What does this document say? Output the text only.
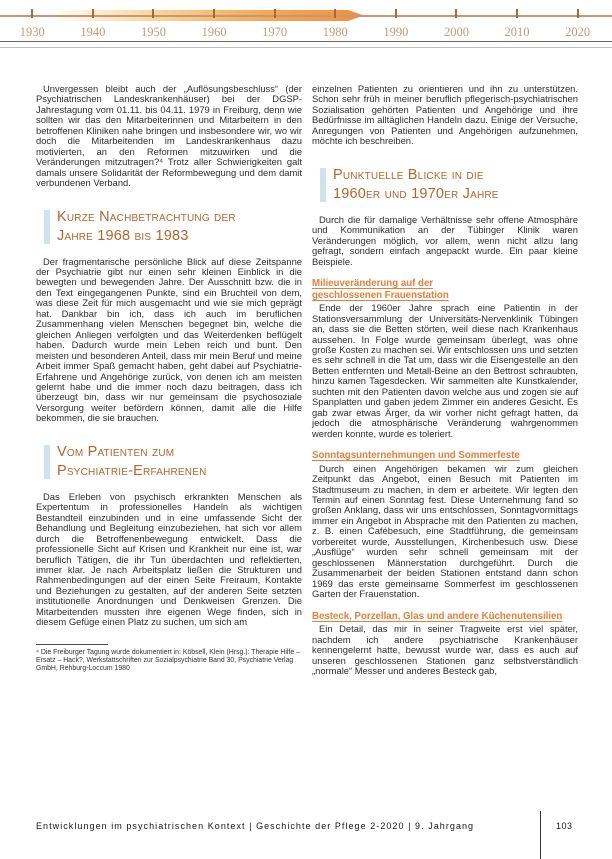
1930	1940	1950	1960	1970	1980	1990	2000	2010	2020

Unvergessen bleibt auch der „Auflösungsbeschluss“ (der Psychiatrischen Landeskrankenhäuser) bei der DGSP-Jahrestagung vom 01.11. bis 04.11. 1979 in Freiburg, denn wie sollten wir das den Mitarbeiterinnen und Mitarbeitern in den betroffenen Kliniken nahe bringen und insbesondere wir, wo wir doch die Mitarbeitenden im Landeskrankenhaus dazu motivierten, an den Reformen mitzuwirken und die Veränderungen mitzutragen?⁴ Trotz aller Schwierigkeiten galt damals unsere Solidarität der Reformbewegung und dem damit verbundenen Verband.

Kurze Nachbetrachtung der
Jahre 1968 bis 1983

Der fragmentarische persönliche Blick auf diese Zeitspanne der Psychiatrie gibt nur einen sehr kleinen Einblick in die bewegten und bewegenden Jahre. Der Ausschnitt bzw. die in den Text eingegangenen Punkte, sind ein Bruchteil von dem, was diese Zeit für mich ausgemacht und wie sie mich geprägt hat. Dankbar bin ich, dass ich auch im beruflichen Zusammenhang vielen Menschen begegnet bin, welche die gleichen Anliegen verfolgten und das Weiterdenken beflügelt haben. Dadurch wurde mein Leben reich und bunt. Den meisten und besonderen Anteil, dass mir mein Beruf und meine Arbeit immer Spaß gemacht haben, geht dabei auf Psychiatrie-Erfahrene und Angehörige zurück, von denen ich am meisten gelernt habe und die immer noch dazu beitragen, dass ich überzeugt bin, dass wir nur gemeinsam die psychosoziale Versorgung weiter befördern können, damit alle die Hilfe bekommen, die sie brauchen.

Vom Patienten zum
Psychiatrie-Erfahrenen

Das Erleben von psychisch erkrankten Menschen als Expertentum in professionelles Handeln als wichtigen Bestandteil einzubinden und in eine umfassende Sicht der Behandlung und Begleitung einzubeziehen, hat sich vor allem durch die Betroffenenbewegung entwickelt. Dass die professionelle Sicht auf Krisen und Krankheit nur eine ist, war beruflich Tätigen, die ihr Tun überdachten und reflektierten, immer klar. Je nach Arbeitsplatz ließen die Strukturen und Rahmenbedingungen auf der einen Seite Freiraum, Kontakte und Beziehungen zu gestalten, auf der anderen Seite setzten institutionelle Anordnungen und Denkweisen Grenzen. Die Mitarbeitenden mussten ihre eigenen Wege finden, sich in diesem Gefüge einen Platz zu suchen, um sich am

⁴ Die Freiburger Tagung wurde dokumentiert in: Köbsell, Klein (Hrsg.): Therapie Hilfe – Ersatz – Hack?, Werkstattschriften zur Sozialpsychiatrie Band 30, Psychiatrie Verlag GmbH, Rehburg-Loccum 1980

einzelnen Patienten zu orientieren und ihn zu unterstützen. Schon sehr früh in meiner beruflich pflegerisch-psychiatrischen Sozialisation gehörten Patienten und Angehörige und ihre Bedürfnisse im alltäglichen Handeln dazu. Einige der Versuche, Anregungen von Patienten und Angehörigen aufzunehmen, möchte ich beschreiben.

Punktuelle Blicke in die
1960er und 1970er Jahre

Durch die für damalige Verhältnisse sehr offene Atmosphäre und Kommunikation an der Tübinger Klinik waren Veränderungen möglich, vor allem, wenn nicht allzu lang gefragt, sondern einfach angepackt wurde. Ein paar kleine Beispiele.

Milieuveränderung auf der
geschlossenen Frauenstation

Ende der 1960er Jahre sprach eine Patientin in der Stationsversammlung der Universitäts-Nervenklinik Tübingen an, dass sie die Betten störten, weil diese nach Krankenhaus aussehen. In Folge wurde gemeinsam überlegt, was ohne große Kosten zu machen sei. Wir entschlossen uns und setzten es sehr schnell in die Tat um, dass wir die Eisengestelle an den Betten entfernten und Metall-Beine an den Bettrost schraubten, hinzu kamen Tagesdecken. Wir sammelten alte Kunstkalender, suchten mit den Patienten davon welche aus und zogen sie auf Spanplatten und gaben jedem Zimmer ein anderes Gesicht. Es gab zwar etwas Ärger, da wir vorher nicht gefragt hatten, da jedoch die atmosphärische Veränderung wahrgenommen werden konnte, wurde es toleriert.

Sonntagsunternehmungen und Sommerfeste

Durch einen Angehörigen bekamen wir zum gleichen Zeitpunkt das Angebot, einen Besuch mit Patienten im Stadtmuseum zu machen, in dem er arbeitete. Wir legten den Termin auf einen Sonntag fest. Diese Unternehmung fand so großen Anklang, dass wir uns entschlossen, Sonntagvormittags immer ein Angebot in Absprache mit den Patienten zu machen, z. B. einen Cafébesuch, eine Stadtführung, die gemeinsam vorbereitet wurde, Ausstellungen, Kirchenbesuch usw. Diese „Ausflüge“ wurden sehr schnell gemeinsam mit der geschlossenen Männerstation durchgeführt. Durch die Zusammenarbeit der beiden Stationen entstand dann schon 1969 das erste gemeinsame Sommerfest im geschlossenen Garten der Frauenstation.

Besteck, Porzellan, Glas und andere Küchenutensilien

Ein Detail, das mir in seiner Tragweite erst viel später, nachdem ich andere psychiatrische Krankenhäuser kennengelernt hatte, bewusst wurde war, dass es auch auf unseren geschlossenen Stationen ganz selbstverständlich „normale“ Messer und anderes Besteck gab,

Entwicklungen im psychiatrischen Kontext | Geschichte der Pflege 2-2020 | 9. Jahrgang	103
